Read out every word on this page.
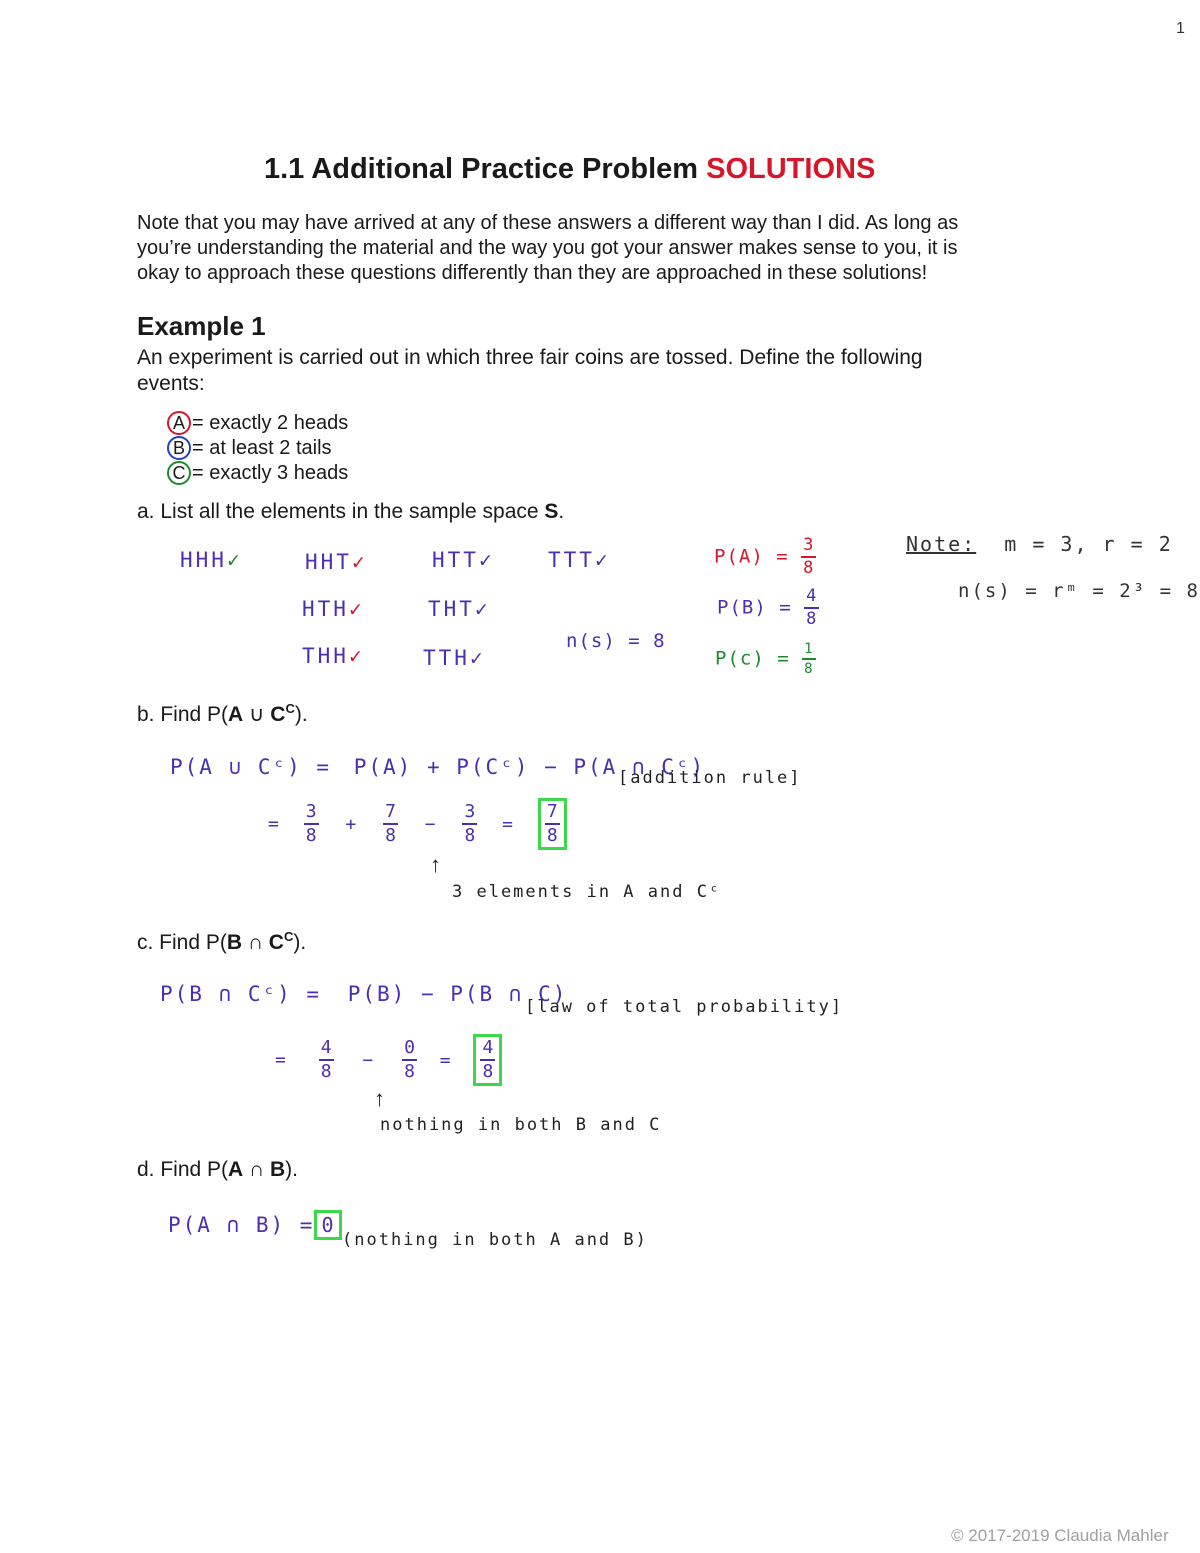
1
1.1 Additional Practice Problem SOLUTIONS
Note that you may have arrived at any of these answers a different way than I did. As long as
you’re understanding the material and the way you got your answer makes sense to you, it is
okay to approach these questions differently than they are approached in these solutions!
Example 1
An experiment is carried out in which three fair coins are tossed. Define the following
events:
A = exactly 2 heads
B = at least 2 tails
C = exactly 3 heads
a. List all the elements in the sample space S.
HHH✓	HHT✓	HTT✓	TTT✓
HTH✓	THT✓
THH✓	TTH✓
n(s) = 8
$P(A) = \frac{3}{8}$
$P(B) = \frac{4}{8}$
$P(c) = \frac{1}{8}$
Note: m = 3, r = 2
n(s) = rᵐ = 2³ = 8
b. Find P(A ∪ $C^C$).
P(A ∪ Cᶜ) = P(A) + P(Cᶜ) − P(A ∩ Cᶜ)
[addition rule]
= $\frac{3}{8} + \frac{7}{8} - \frac{3}{8} = \frac{7}{8}$
↑
3 elements in A and Cᶜ
c. Find P(B ∩ $C^C$).
P(B ∩ Cᶜ) = P(B) − P(B ∩ C)
[law of total probability]
= $\frac{4}{8} - \frac{0}{8} = \frac{4}{8}$
↑
nothing in both B and C
d. Find P(A ∩ B).
P(A ∩ B) = 0
(nothing in both A and B)
© 2017-2019 Claudia Mahler
